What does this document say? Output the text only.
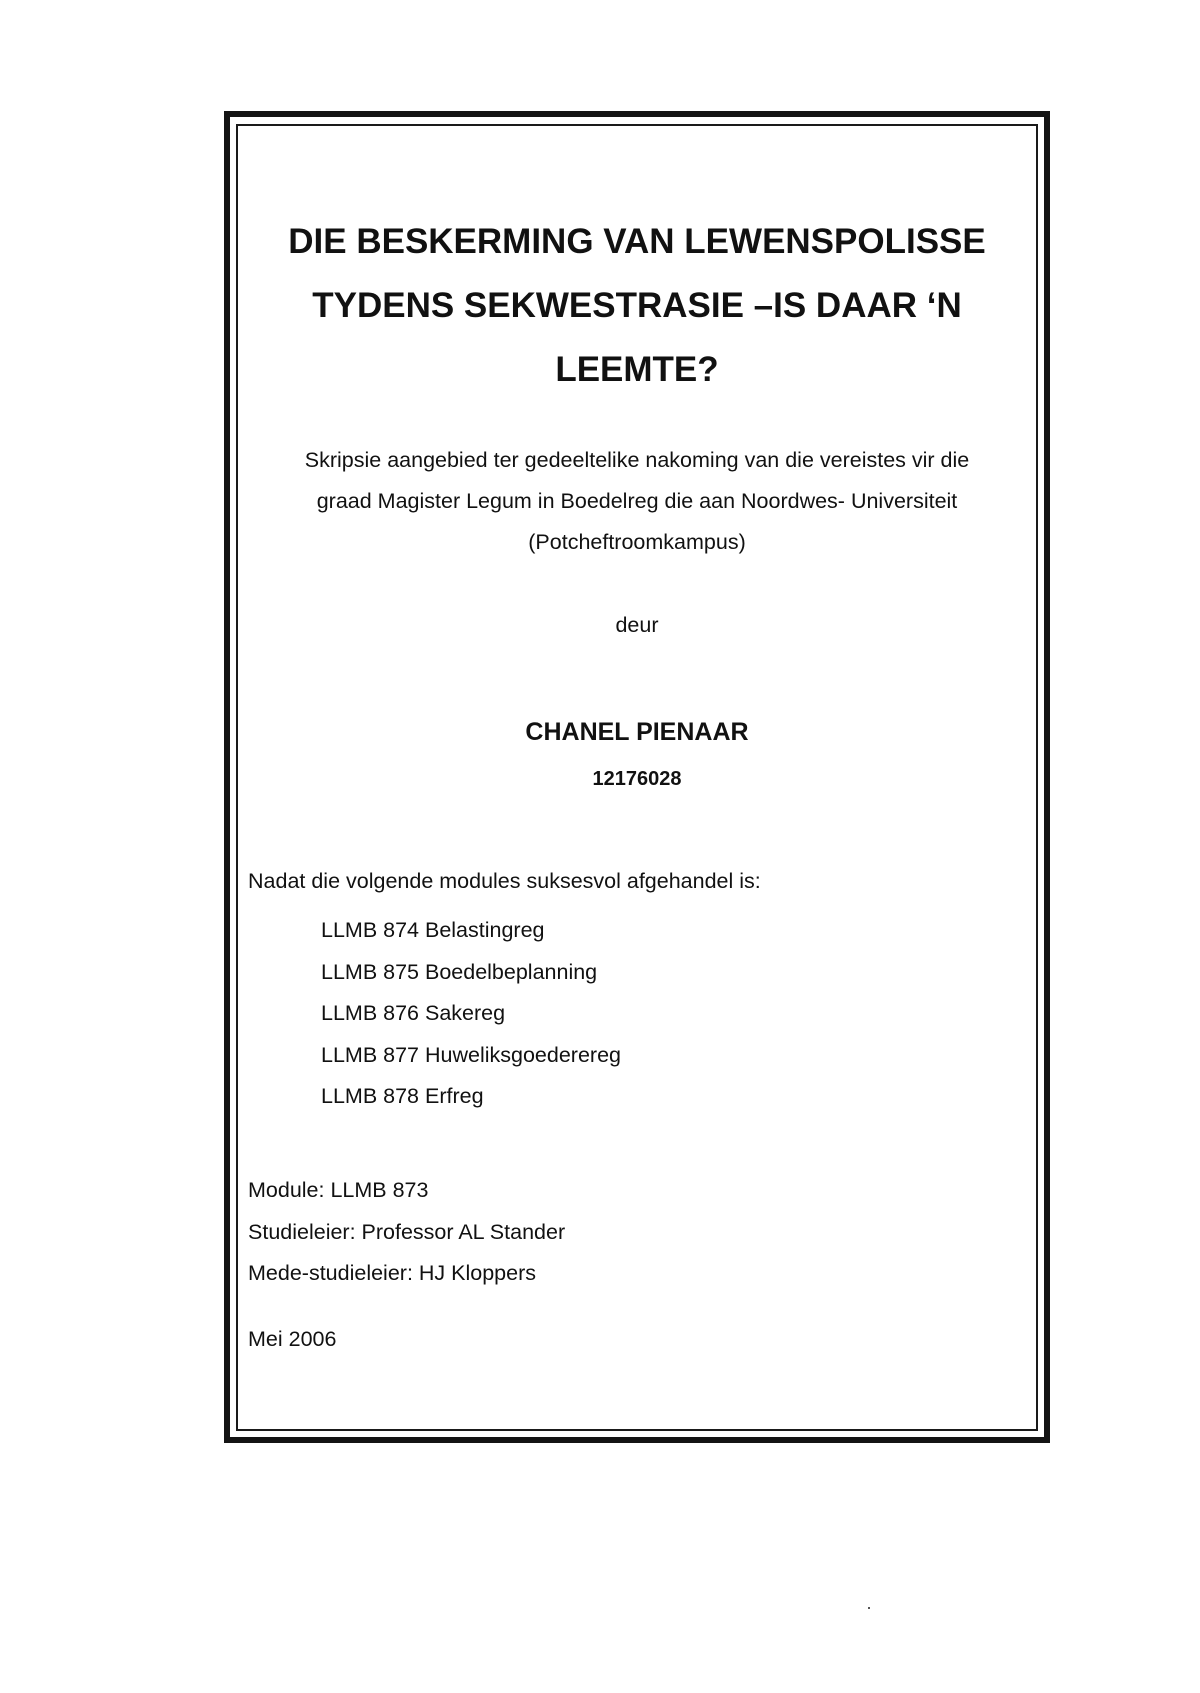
DIE BESKERMING VAN LEWENSPOLISSE
TYDENS SEKWESTRASIE –IS DAAR ‘N
LEEMTE?
Skripsie aangebied ter gedeeltelike nakoming van die vereistes vir die
graad Magister Legum in Boedelreg die aan Noordwes- Universiteit
(Potcheftroomkampus)
deur
CHANEL PIENAAR
12176028
Nadat die volgende modules suksesvol afgehandel is:
LLMB 874 Belastingreg
LLMB 875 Boedelbeplanning
LLMB 876 Sakereg
LLMB 877 Huweliksgoederereg
LLMB 878 Erfreg
Module: LLMB 873
Studieleier: Professor AL Stander
Mede-studieleier: HJ Kloppers
Mei 2006
